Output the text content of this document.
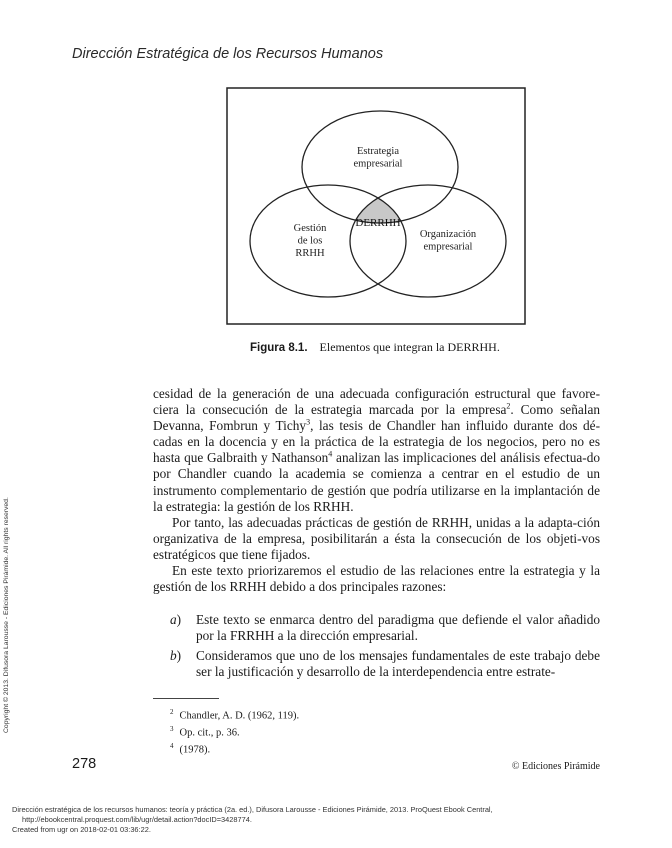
Dirección Estratégica de los Recursos Humanos
Estrategia empresarial
Gestión de los RRHH
Organización empresarial
DERRHH
Figura 8.1. Elementos que integran la DERRHH.

cesidad de la generación de una adecuada configuración estructural que favore-ciera la consecución de la estrategia marcada por la empresa$^2$. Como señalan Devanna, Fombrun y Tichy$^3$, las tesis de Chandler han influido durante dos dé-cadas en la docencia y en la práctica de la estrategia de los negocios, pero no es hasta que Galbraith y Nathanson$^4$ analizan las implicaciones del análisis efectua-do por Chandler cuando la academia se comienza a centrar en el estudio de un instrumento complementario de gestión que podría utilizarse en la implantación de la estrategia: la gestión de los RRHH.

Por tanto, las adecuadas prácticas de gestión de RRHH, unidas a la adapta-ción organizativa de la empresa, posibilitarán a ésta la consecución de los objeti-vos estratégicos que tiene fijados.

En este texto priorizaremos el estudio de las relaciones entre la estrategia y la gestión de los RRHH debido a dos principales razones:

a)	Este texto se enmarca dentro del paradigma que defiende el valor añadido por la FRRHH a la dirección empresarial.
b)	Consideramos que uno de los mensajes fundamentales de este trabajo debe ser la justificación y desarrollo de la interdependencia entre estrate-
$^2$ Chandler, A. D. (1962, 119).
$^3$ Op. cit., p. 36.
$^4$ (1978).
278	© Ediciones Pirámide
Copyright © 2013. Difusora Larousse - Ediciones Pirámide. All rights reserved.
Dirección estratégica de los recursos humanos: teoría y práctica (2a. ed.), Difusora Larousse - Ediciones Pirámide, 2013. ProQuest Ebook Central,
http://ebookcentral.proquest.com/lib/ugr/detail.action?docID=3428774.
Created from ugr on 2018-02-01 03:36:22.
